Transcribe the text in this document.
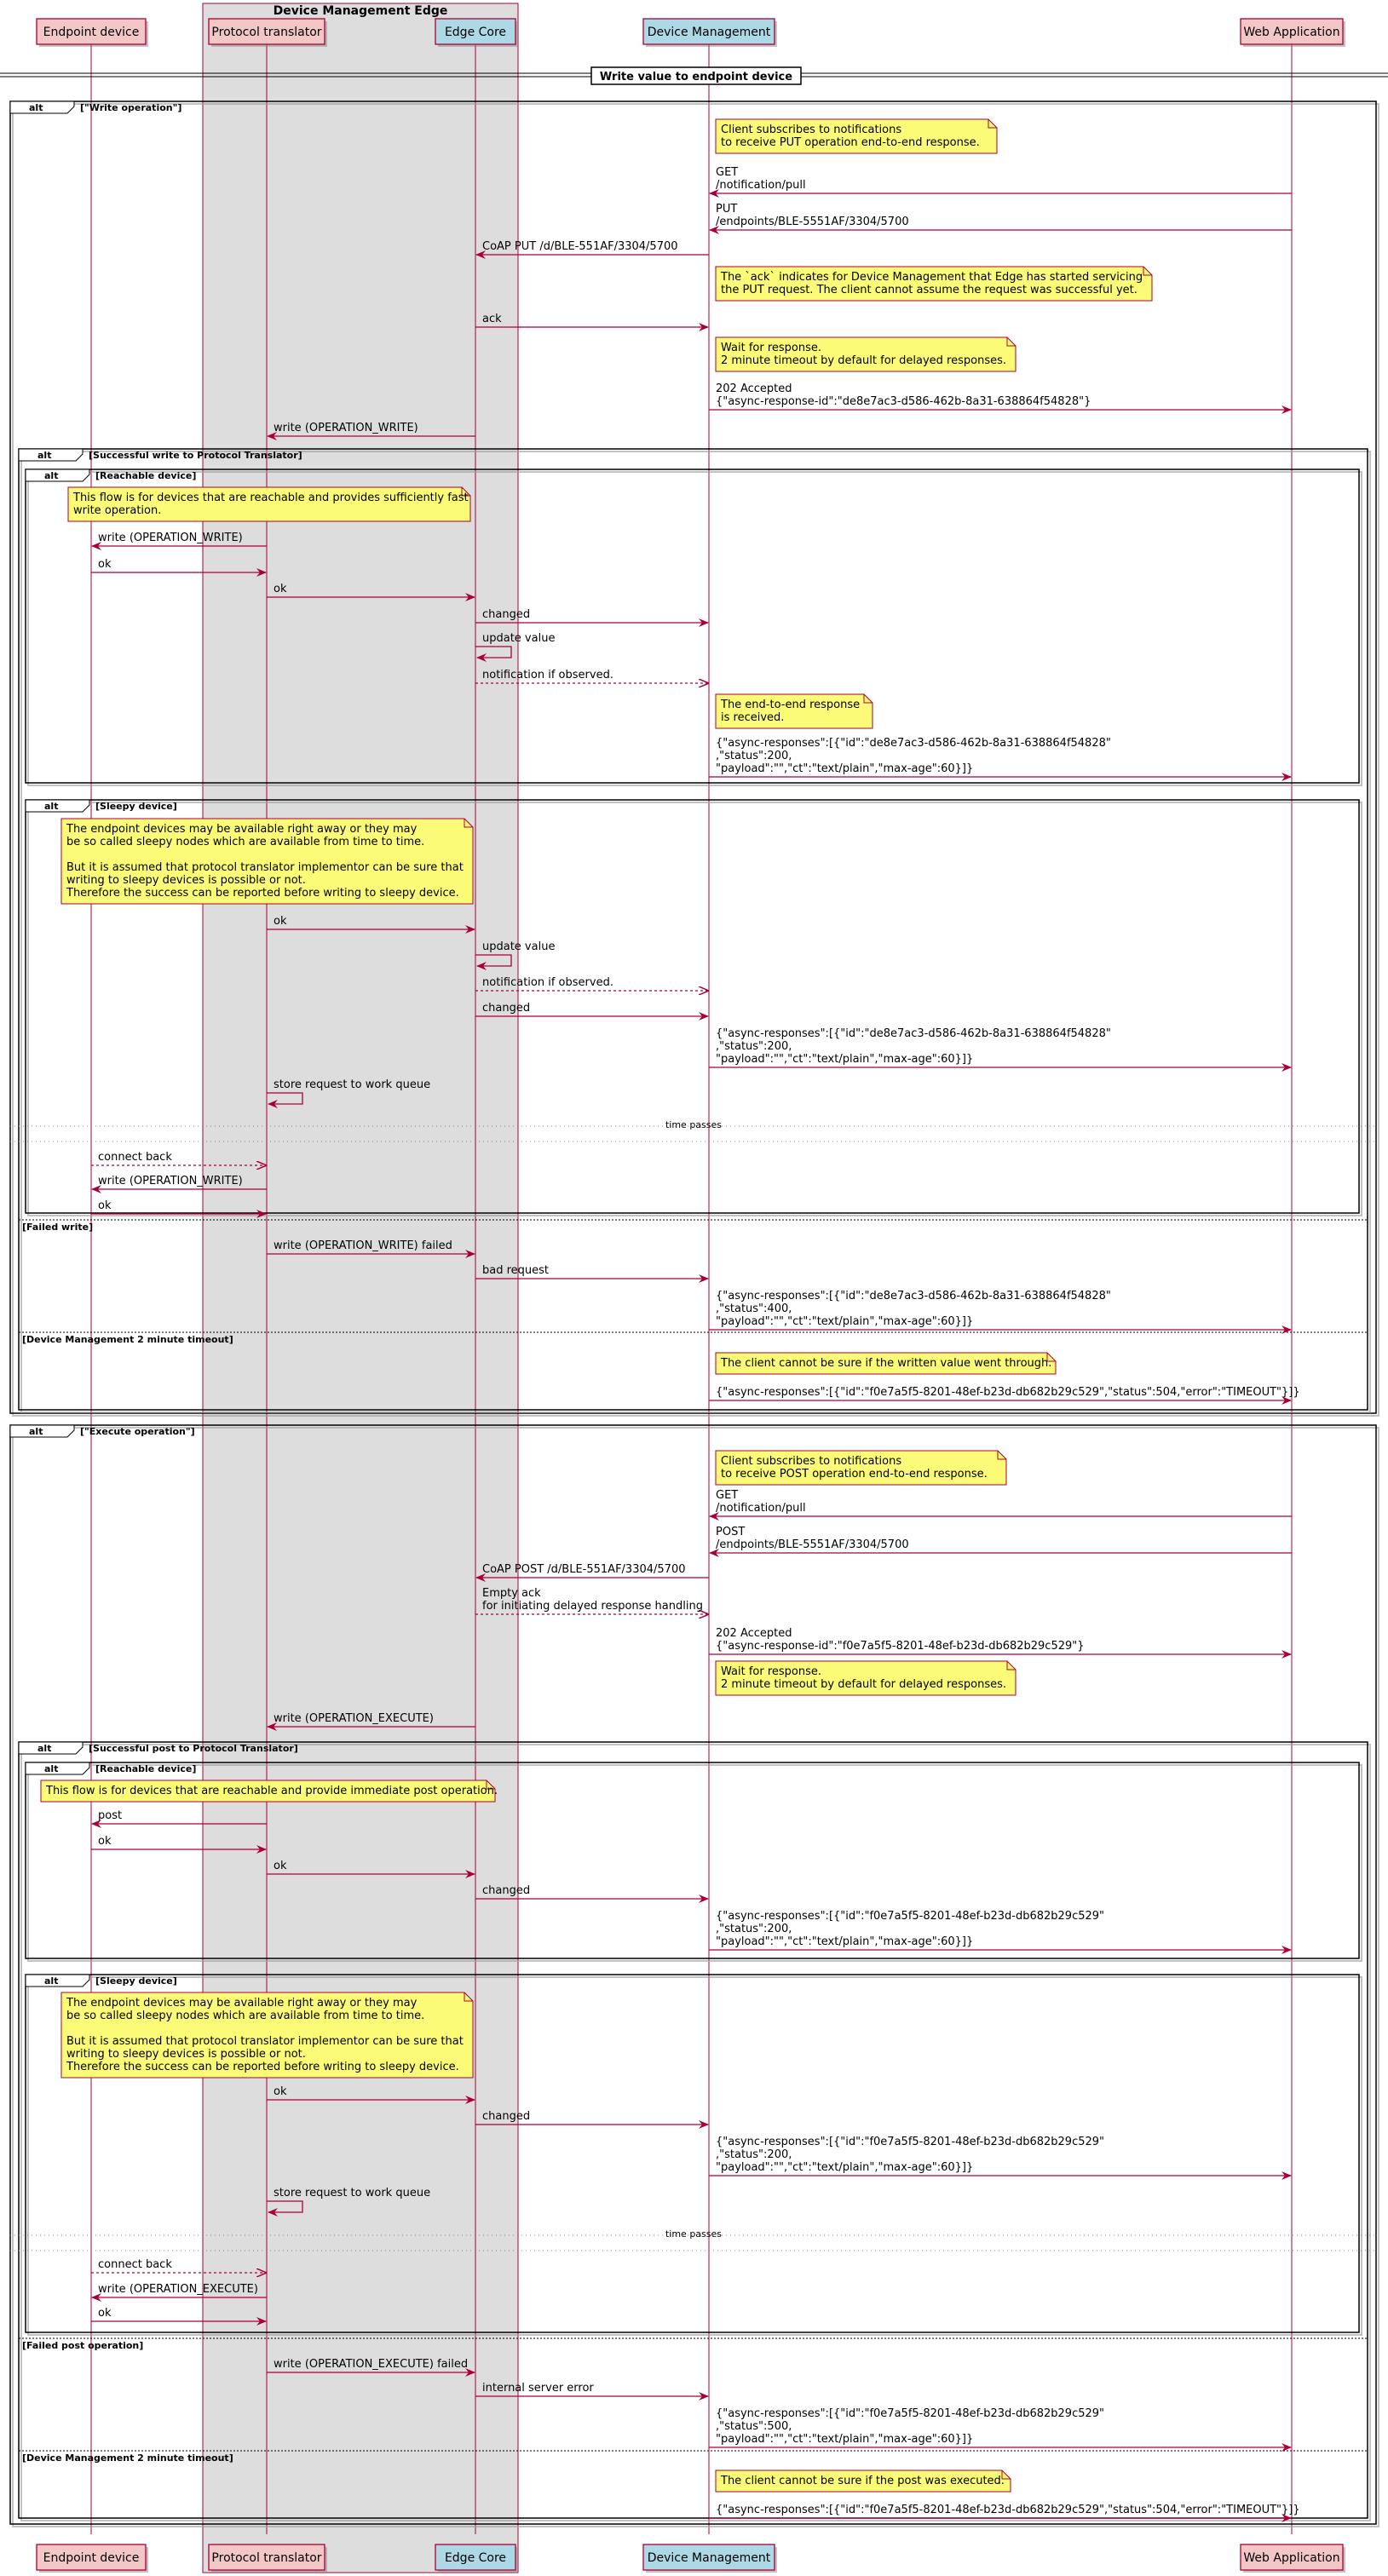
Device Management Edge
Endpoint device
Endpoint device
Protocol translator
Protocol translator
Edge Core
Edge Core
Device Management
Device Management
Web Application
Web Application
Write value to endpoint device
alt	["Write operation"]
alt	[Successful write to Protocol Translator]
alt	[Reachable device]
alt	[Sleepy device]
[Failed write]
[Device Management 2 minute timeout]
alt	["Execute operation"]
alt	[Successful post to Protocol Translator]
alt	[Reachable device]
alt	[Sleepy device]
[Failed post operation]
[Device Management 2 minute timeout]
Client subscribes to notifications
to receive PUT operation end-to-end response.
The `ack` indicates for Device Management that Edge has started servicing
the PUT request. The client cannot assume the request was successful yet.
Wait for response.
2 minute timeout by default for delayed responses.
This flow is for devices that are reachable and provides sufficiently fast
write operation.
The end-to-end response
is received.
The endpoint devices may be available right away or they may
be so called sleepy nodes which are available from time to time.
But it is assumed that protocol translator implementor can be sure that
writing to sleepy devices is possible or not.
Therefore the success can be reported before writing to sleepy device.
The client cannot be sure if the written value went through.
Client subscribes to notifications
to receive POST operation end-to-end response.
Wait for response.
2 minute timeout by default for delayed responses.
This flow is for devices that are reachable and provide immediate post operation.
The endpoint devices may be available right away or they may
be so called sleepy nodes which are available from time to time.
But it is assumed that protocol translator implementor can be sure that
writing to sleepy devices is possible or not.
Therefore the success can be reported before writing to sleepy device.
The client cannot be sure if the post was executed.
GET
/notification/pull
PUT
/endpoints/BLE-5551AF/3304/5700
CoAP PUT /d/BLE-551AF/3304/5700
ack
202 Accepted
{"async-response-id":"de8e7ac3-d586-462b-8a31-638864f54828"}
write (OPERATION_WRITE)
write (OPERATION_WRITE)
ok
ok
changed
update value
notification if observed.
{"async-responses":[{"id":"de8e7ac3-d586-462b-8a31-638864f54828"
,"status":200,
"payload":"","ct":"text/plain","max-age":60}]}
ok
update value
notification if observed.
changed
{"async-responses":[{"id":"de8e7ac3-d586-462b-8a31-638864f54828"
,"status":200,
"payload":"","ct":"text/plain","max-age":60}]}
store request to work queue
time passes
connect back
write (OPERATION_WRITE)
ok
write (OPERATION_WRITE) failed
bad request
{"async-responses":[{"id":"de8e7ac3-d586-462b-8a31-638864f54828"
,"status":400,
"payload":"","ct":"text/plain","max-age":60}]}
{"async-responses":[{"id":"f0e7a5f5-8201-48ef-b23d-db682b29c529","status":504,"error":"TIMEOUT"}]}
GET
/notification/pull
POST
/endpoints/BLE-5551AF/3304/5700
CoAP POST /d/BLE-551AF/3304/5700
Empty ack
for initiating delayed response handling
202 Accepted
{"async-response-id":"f0e7a5f5-8201-48ef-b23d-db682b29c529"}
write (OPERATION_EXECUTE)
post
ok
ok
changed
{"async-responses":[{"id":"f0e7a5f5-8201-48ef-b23d-db682b29c529"
,"status":200,
"payload":"","ct":"text/plain","max-age":60}]}
ok
changed
{"async-responses":[{"id":"f0e7a5f5-8201-48ef-b23d-db682b29c529"
,"status":200,
"payload":"","ct":"text/plain","max-age":60}]}
store request to work queue
time passes
connect back
write (OPERATION_EXECUTE)
ok
write (OPERATION_EXECUTE) failed
internal server error
{"async-responses":[{"id":"f0e7a5f5-8201-48ef-b23d-db682b29c529"
,"status":500,
"payload":"","ct":"text/plain","max-age":60}]}
{"async-responses":[{"id":"f0e7a5f5-8201-48ef-b23d-db682b29c529","status":504,"error":"TIMEOUT"}]}
